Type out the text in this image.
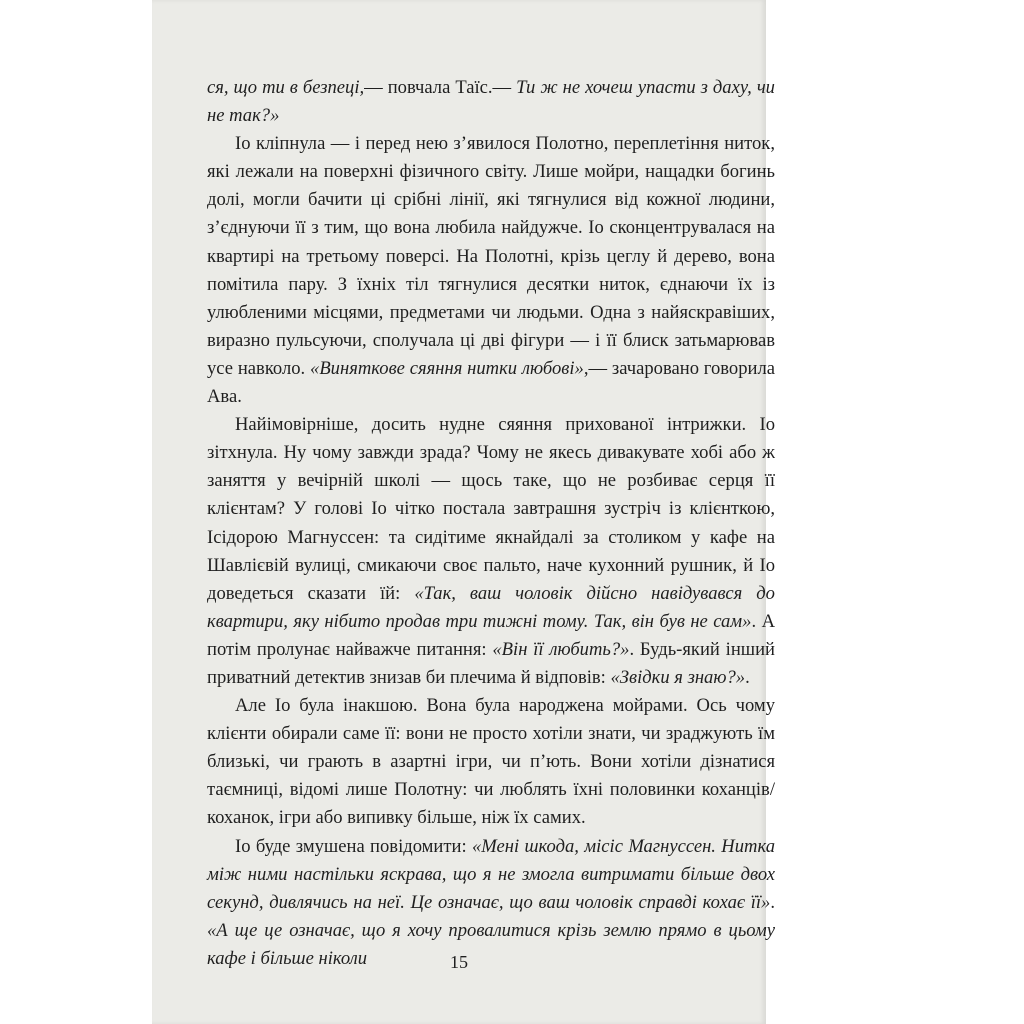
ся, що ти в безпеці,— повчала Таїс.— Ти ж не хочеш упасти з даху, чи не так?»

Іо кліпнула — і перед нею з’явилося Полотно, переплетіння ниток, які лежали на поверхні фізичного світу. Лише мойри, нащадки богинь долі, могли бачити ці срібні лінії, які тягнулися від кожної людини, з’єднуючи її з тим, що вона любила найдужче. Іо сконцентрувалася на квартирі на третьому поверсі. На Полотні, крізь цеглу й дерево, вона помітила пару. З їхніх тіл тягнулися десятки ниток, єднаючи їх із улюбленими місцями, предметами чи людьми. Одна з найяскравіших, виразно пульсуючи, сполучала ці дві фігури — і її блиск затьмарював усе навколо. «Виняткове сяяння нитки любові»,— зачаровано говорила Ава.

Найімовірніше, досить нудне сяяння прихованої інтрижки. Іо зітхнула. Ну чому завжди зрада? Чому не якесь дивакувате хобі або ж заняття у вечірній школі — щось таке, що не розбиває серця її клієнтам? У голові Іо чітко постала завтрашня зустріч із клієнткою, Ісідорою Магнуссен: та сидітиме якнайдалі за столиком у кафе на Шавлієвій вулиці, смикаючи своє пальто, наче кухонний рушник, й Іо доведеться сказати їй: «Так, ваш чоловік дійсно навідувався до квартири, яку нібито продав три тижні тому. Так, він був не сам». А потім пролунає найважче питання: «Він її любить?». Будь-який інший приватний детектив знизав би плечима й відповів: «Звідки я знаю?».

Але Іо була інакшою. Вона була народжена мойрами. Ось чому клієнти обирали саме її: вони не просто хотіли знати, чи зраджують їм близькі, чи грають в азартні ігри, чи п’ють. Вони хотіли дізнатися таємниці, відомі лише Полотну: чи люблять їхні половинки коханців/коханок, ігри або випивку більше, ніж їх самих.

Іо буде змушена повідомити: «Мені шкода, місіс Магнуссен. Нитка між ними настільки яскрава, що я не змогла витримати більше двох секунд, дивлячись на неї. Це означає, що ваш чоловік справді кохає її». «А ще це означає, що я хочу провалитися крізь землю прямо в цьому кафе і більше ніколи	15
